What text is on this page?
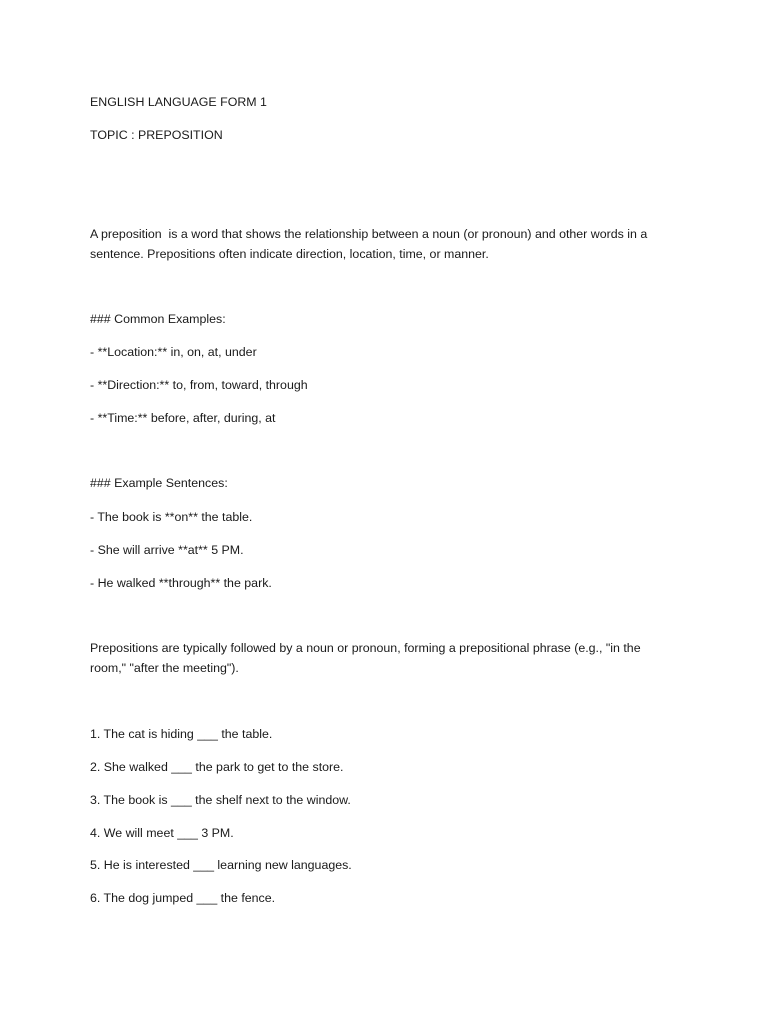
ENGLISH LANGUAGE FORM 1

TOPIC : PREPOSITION

A preposition  is a word that shows the relationship between a noun (or pronoun) and other words in a
sentence. Prepositions often indicate direction, location, time, or manner.

### Common Examples:

- **Location:** in, on, at, under

- **Direction:** to, from, toward, through

- **Time:** before, after, during, at

### Example Sentences:

- The book is **on** the table.

- She will arrive **at** 5 PM.

- He walked **through** the park.

Prepositions are typically followed by a noun or pronoun, forming a prepositional phrase (e.g., "in the
room," "after the meeting").

1. The cat is hiding ___ the table.

2. She walked ___ the park to get to the store.

3. The book is ___ the shelf next to the window.

4. We will meet ___ 3 PM.

5. He is interested ___ learning new languages.

6. The dog jumped ___ the fence.
